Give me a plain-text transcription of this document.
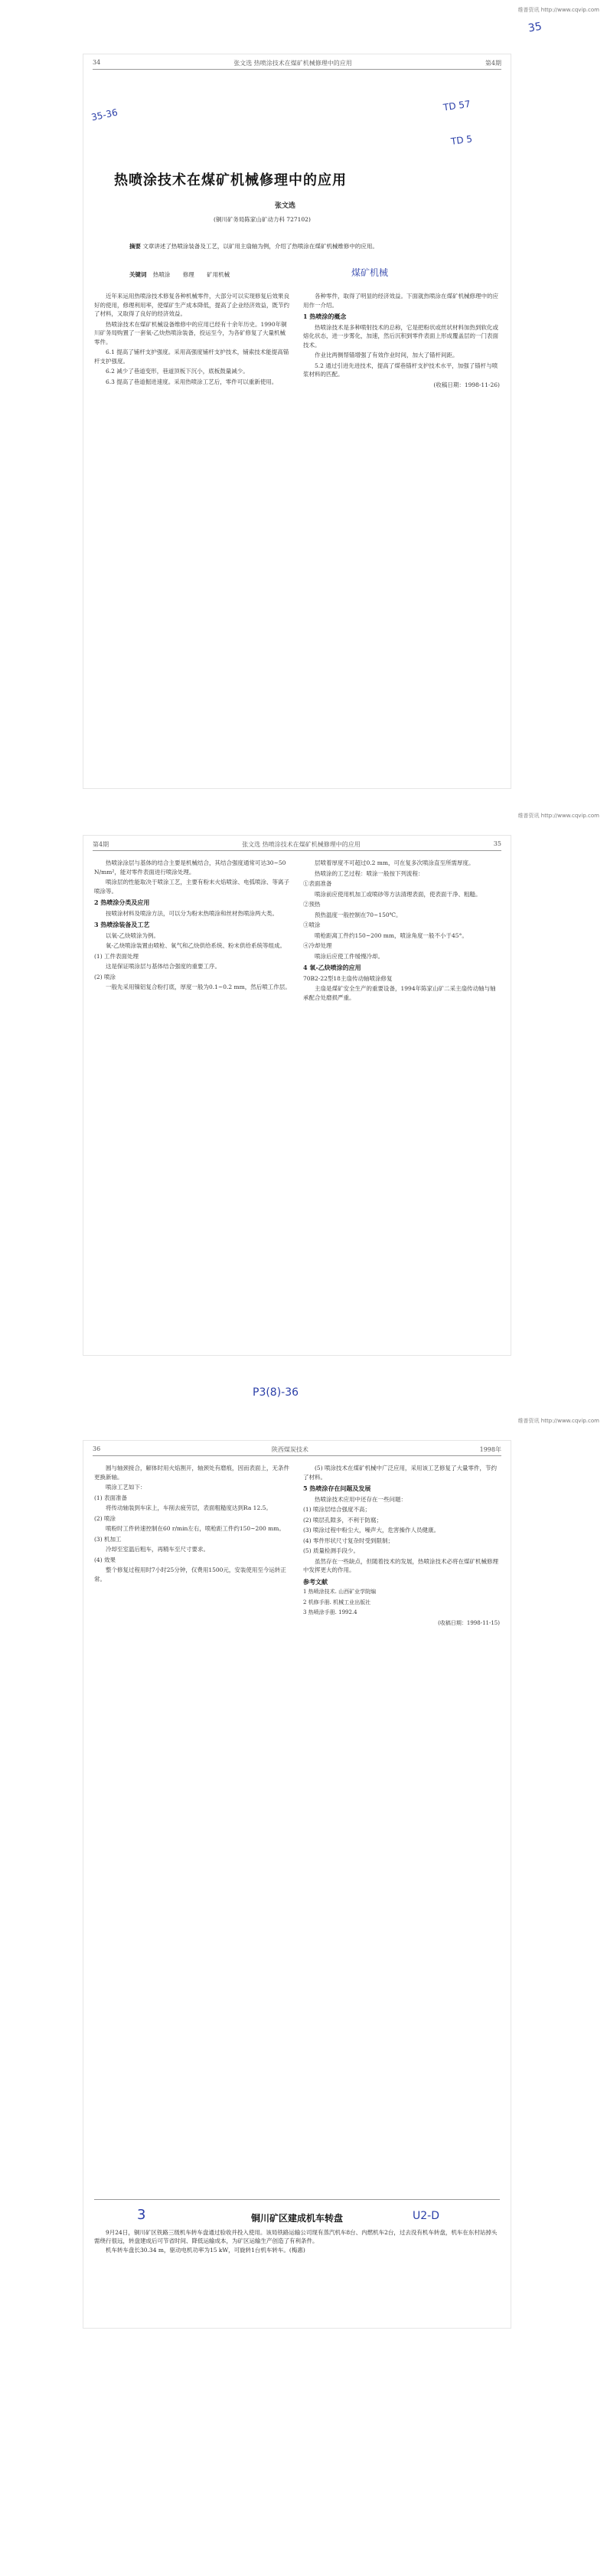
维普资讯 http://www.cqvip.com
维普资讯 http://www.cqvip.com
维普资讯 http://www.cqvip.com
35
34	张文选 热喷涂技术在煤矿机械修理中的应用	第4期
35-36
TD 57
TD 5
热喷涂技术在煤矿机械修理中的应用
张文选
(铜川矿务局陈家山矿动力科 727102)
摘要 文章讲述了热喷涂装备及工艺，以矿用主扇轴为例，介绍了热喷涂在煤矿机械维修中的应用。
关键词 热喷涂 修理 矿用机械	煤矿机械

近年来运用热喷涂技术修复各种机械零件，大部分可以实现修复后效果良好的使用，修理利用率，使煤矿生产成本降低，提高了企业经济效益，既节约了材料，又取得了良好的经济效益。

热喷涂技术在煤矿机械设备维修中的应用已经有十余年历史。1990年铜川矿务局购置了一套氧-乙炔热喷涂装备，投运至今，为各矿修复了大量机械零件。

6.1 提高了铺杆支护强度。采用高强度铺杆支护技术，铺索技术能提高锚杆支护强度。

6.2 减少了巷道变形，巷道顶板下沉小，底板鼓量减少。

6.3 提高了巷道掘进速度。采用热喷涂工艺后，零件可以重新使用。

各种零件，取得了明显的经济效益。下面就热喷涂在煤矿机械修理中的应用作一介绍。

1 热喷涂的概念

热喷涂技术是多种喷射技术的总称，它是把粉状或丝状材料加热到软化或熔化状态，进一步雾化，加速，然后沉积到零件表面上形成覆盖层的一门表面技术。

作业比两侧帮锚增强了有效作业时间，加大了锚杆间距。

5.2 通过引进先进技术，提高了煤巷锚杆支护技术水平，加强了锚杆与喷浆材料的匹配。

(收稿日期：1998-11-26)

第4期	张文选 热喷涂技术在煤矿机械修理中的应用	35

热喷涂涂层与基体的结合主要是机械结合，其结合强度通常可达30~50 N/mm²，能对零件表面进行喷涂处理。

喷涂层的性能取决于喷涂工艺，主要有粉末火焰喷涂、电弧喷涂、等离子喷涂等。

2 热喷涂分类及应用

按喷涂材料及喷涂方法，可以分为粉末热喷涂和丝材热喷涂两大类。

3 热喷涂装备及工艺

以氧-乙炔喷涂为例。

氧-乙炔喷涂装置由喷枪、氧气和乙炔供给系统、粉末供给系统等组成。

(1) 工件表面处理

这是保证喷涂层与基体结合强度的重要工序。

(2) 喷涂

一般先采用镍铝复合粉打底，厚度一般为0.1~0.2 mm，然后喷工作层。

层喷着厚度不可超过0.2 mm，可在复多次喷涂直至所需厚度。

热喷涂的工艺过程：喷涂一般按下列流程：

①表面准备

喷涂前应使用机加工或喷砂等方法清理表面，使表面干净、粗糙。

②预热

预热温度一般控制在70~150℃。

③喷涂

喷枪距离工件约150~200 mm，喷涂角度一般不小于45°。

④冷却处理

喷涂后应使工件缓慢冷却。

4 氧-乙炔喷涂的应用

70B2-22型18主扇传动轴喷涂修复

主扇是煤矿安全生产的重要设备，1994年陈家山矿二采主扇传动轴与轴承配合处磨损严重。

P3(8)-36
36	陕西煤炭技术	1998年

圆与轴颈接合，解体时用火焰割开，轴颈处有磨痕，因而表面上，无条件更换新轴。

喷涂工艺如下：

(1) 表面准备

将传动轴装到车床上，车削去疲劳层，表面粗糙度达到Ra 12.5。

(2) 喷涂

喷粉时工件转速控制在60 r/min左右，喷枪距工件约150~200 mm。

(3) 机加工

冷却至室温后粗车，再精车至尺寸要求。

(4) 效果

整个修复过程用时7小时25分钟，仅费用1500元，安装使用至今运转正常。

(5) 喷涂技术在煤矿机械中广泛应用，采用该工艺修复了大量零件，节约了材料。

5 热喷涂存在问题及发展

热喷涂技术应用中还存在一些问题：

(1) 喷涂层结合强度不高；

(2) 喷层孔隙多，不利于防腐；

(3) 喷涂过程中粉尘大，噪声大，危害操作人员健康。

(4) 零件形状尺寸复杂时受到限制；

(5) 质量检测手段少。

虽然存在一些缺点，但随着技术的发展，热喷涂技术必将在煤矿机械修理中发挥更大的作用。

参考文献

1 热喷涂技术. 山西矿业学院编

2 机修手册. 机械工业出版社

3 热喷涂手册. 1992.4

(收稿日期：1998-11-15)

3	U2-D
铜川矿区建成机车转盘

9月24日，铜川矿区铁路三级机车转车盘通过验收并投入使用。该局铁路运输公司现有蒸汽机车8台、内燃机车2台，过去没有机车转盘，机车在东村站掉头需绕行很远，转盘建成后可节省时间、降低运输成本，为矿区运输生产创造了有利条件。

机车转车盘长30.34 m，驱动电机功率为15 kW，可旋转1台机车转车。(梅惠)
